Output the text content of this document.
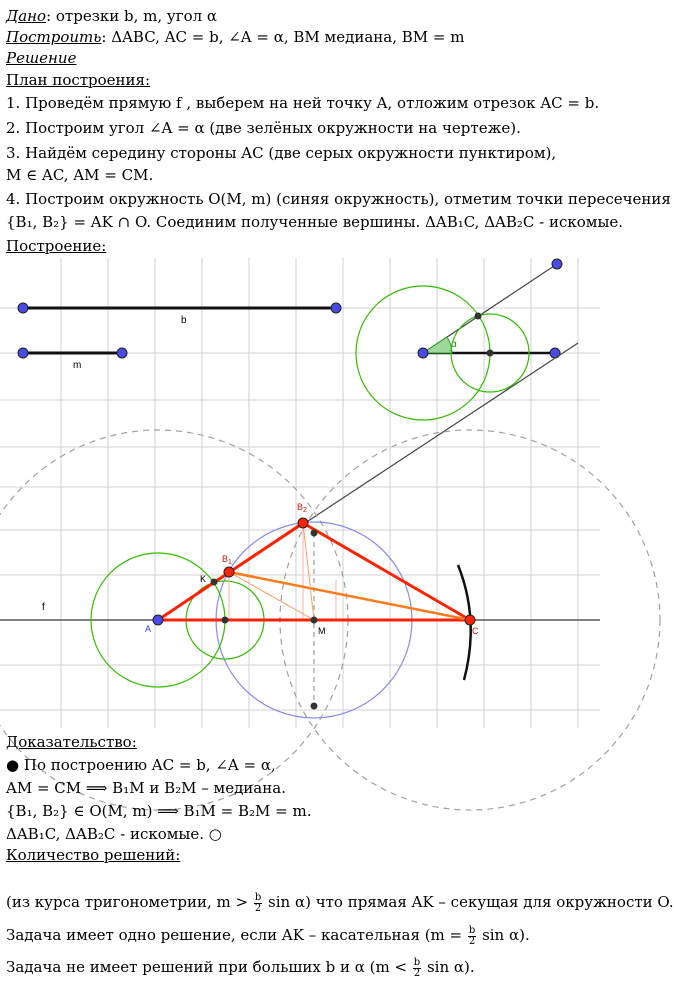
Дано: отрезки b, m, угол α
Построить: ΔABC, AC = b, ∠A = α, BM медиана, BM = m
Решение
План построения:
1. Проведём прямую f , выберем на ней точку A, отложим отрезок AC = b.
2. Построим угол ∠A = α (две зелёных окружности на чертеже).
3. Найдём середину стороны AC (две серых окружности пунктиром),
M ∈ AC, AM = CM.
4. Построим окружность O(M, m) (синяя окружность), отметим точки пересечения
{B₁, B₂} = AK ∩ O. Соединим полученные вершины. ΔAB₁C, ΔAB₂C - искомые.
Построение:
b
m
α
f
A	C
M
K
$B_1$
$B_2$
Доказательство:
● По построению AC = b, ∠A = α,
AM = CM ⟹ B₁M и B₂M – медиана.
{B₁, B₂} ∈ O(M, m) ⟹ B₁M = B₂M = m.
ΔAB₁C, ΔAB₂C - искомые. ○
Количество решений:
(из курса тригонометрии, $m > \frac{b}{2}$ sin α) что прямая AK – секущая для окружности O.
Задача имеет одно решение, если AK – касательная ($m = \frac{b}{2}$ sin α).
Задача не имеет решений при больших b и α ($m < \frac{b}{2}$ sin α).
